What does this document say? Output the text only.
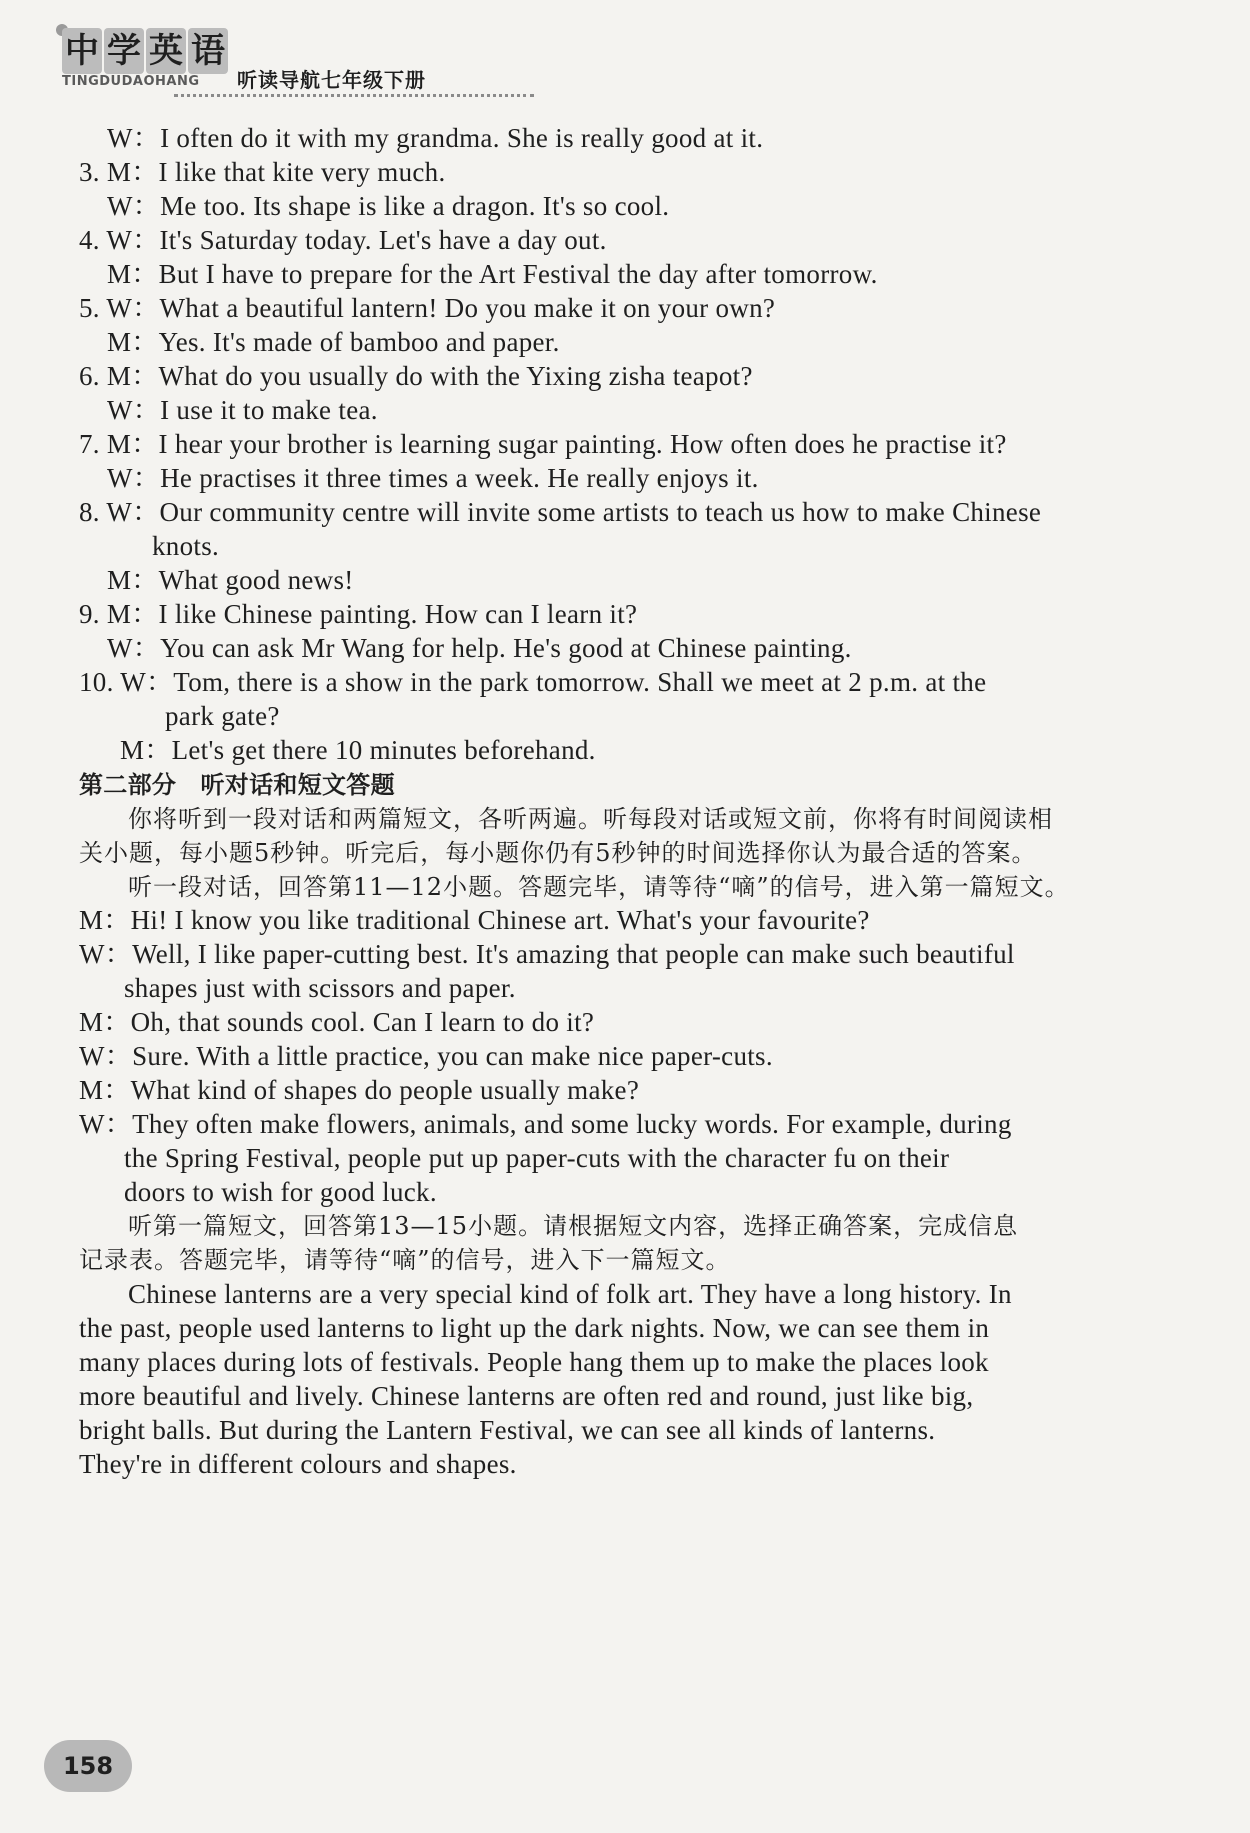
中 学 英 语
听读导航七年级下册
TINGDUDAOHANG
W：I often do it with my grandma. She is really good at it.
3. M：I like that kite very much.
W：Me too. Its shape is like a dragon. It's so cool.
4. W：It's Saturday today. Let's have a day out.
M：But I have to prepare for the Art Festival the day after tomorrow.
5. W：What a beautiful lantern! Do you make it on your own?
M：Yes. It's made of bamboo and paper.
6. M：What do you usually do with the Yixing zisha teapot?
W：I use it to make tea.
7. M：I hear your brother is learning sugar painting. How often does he practise it?
W：He practises it three times a week. He really enjoys it.
8. W：Our community centre will invite some artists to teach us how to make Chinese
knots.
M：What good news!
9. M：I like Chinese painting. How can I learn it?
W：You can ask Mr Wang for help. He's good at Chinese painting.
10. W：Tom, there is a show in the park tomorrow. Shall we meet at 2 p.m. at the
park gate?
M：Let's get there 10 minutes beforehand.
第二部分　听对话和短文答题
你将听到一段对话和两篇短文，各听两遍。听每段对话或短文前，你将有时间阅读相
关小题，每小题5秒钟。听完后，每小题你仍有5秒钟的时间选择你认为最合适的答案。
听一段对话，回答第11—12小题。答题完毕，请等待“嘀”的信号，进入第一篇短文。
M：Hi! I know you like traditional Chinese art. What's your favourite?
W：Well, I like paper-cutting best. It's amazing that people can make such beautiful
shapes just with scissors and paper.
M：Oh, that sounds cool. Can I learn to do it?
W：Sure. With a little practice, you can make nice paper-cuts.
M：What kind of shapes do people usually make?
W：They often make flowers, animals, and some lucky words. For example, during
the Spring Festival, people put up paper-cuts with the character fu on their
doors to wish for good luck.
听第一篇短文，回答第13—15小题。请根据短文内容，选择正确答案，完成信息
记录表。答题完毕，请等待“嘀”的信号，进入下一篇短文。
Chinese lanterns are a very special kind of folk art. They have a long history. In
the past, people used lanterns to light up the dark nights. Now, we can see them in
many places during lots of festivals. People hang them up to make the places look
more beautiful and lively. Chinese lanterns are often red and round, just like big,
bright balls. But during the Lantern Festival, we can see all kinds of lanterns.
They're in different colours and shapes.
158
